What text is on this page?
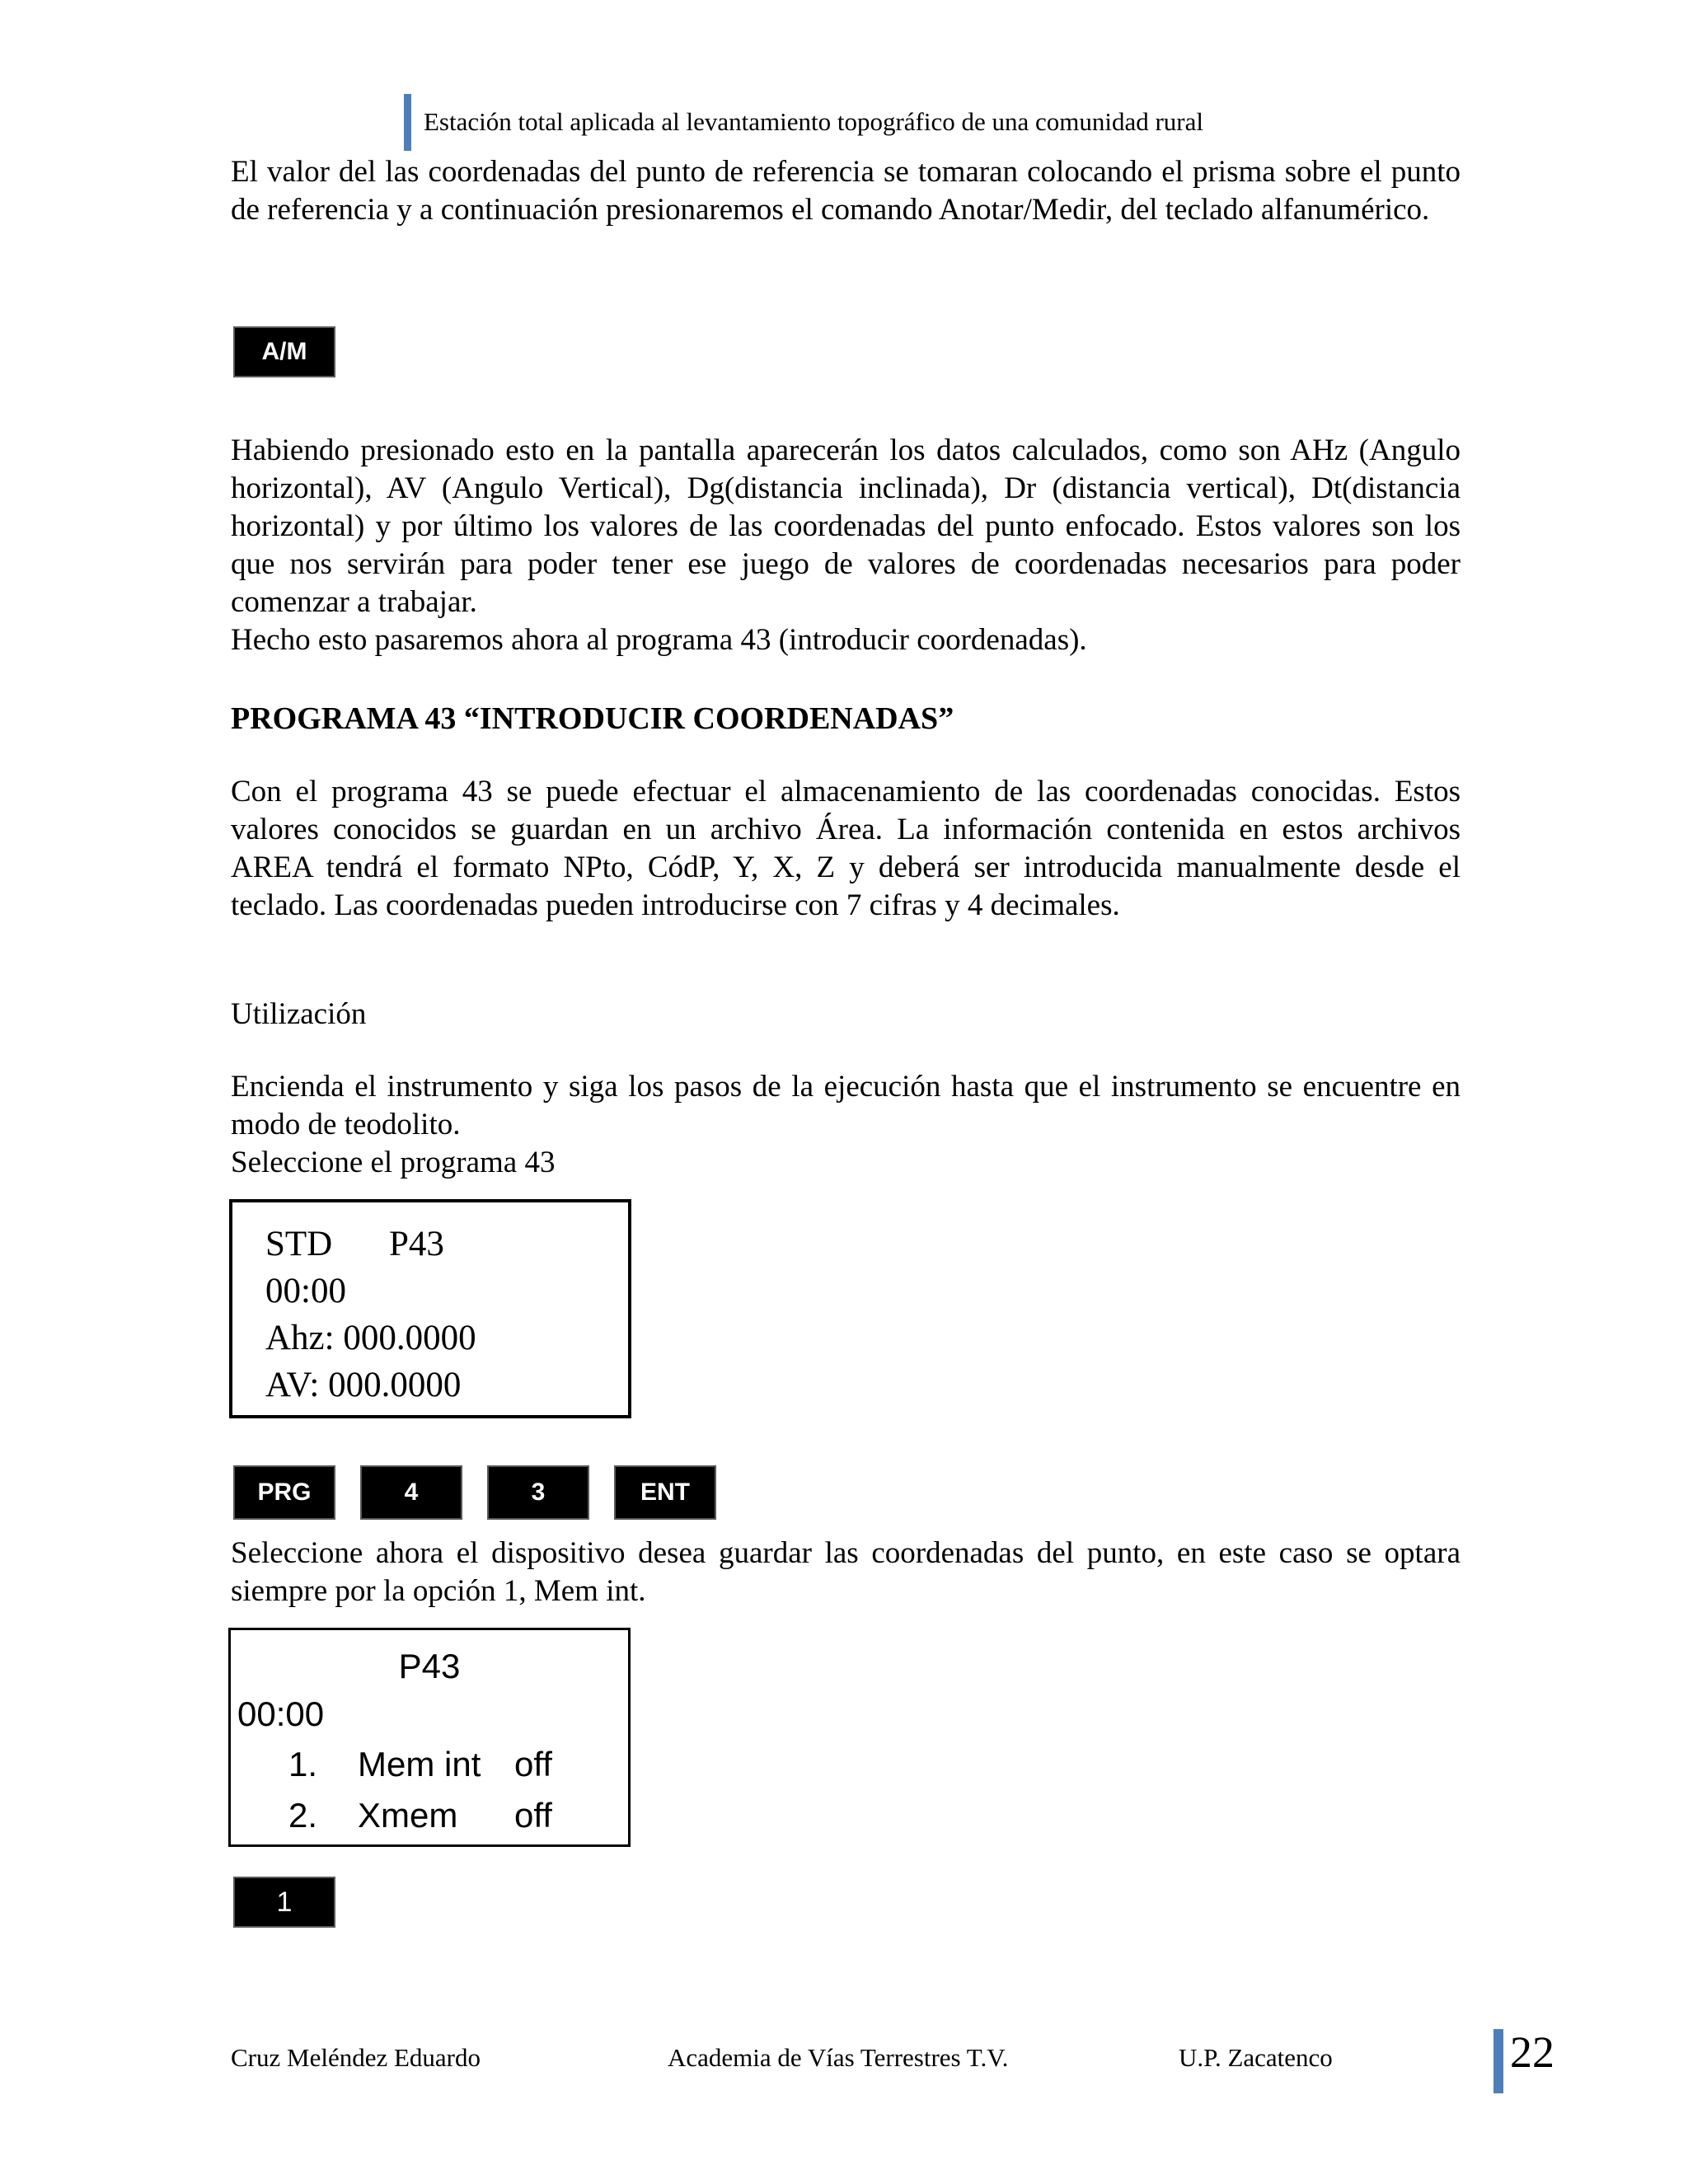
Estación total aplicada al levantamiento topográfico de una comunidad rural
El valor del las coordenadas del punto de referencia se tomaran colocando el prisma sobre el punto de referencia y a continuación presionaremos el comando Anotar/Medir, del teclado alfanumérico.
A/M
Habiendo presionado esto en la pantalla aparecerán los datos calculados, como son AHz (Angulo horizontal), AV (Angulo Vertical), Dg(distancia inclinada), Dr (distancia vertical), Dt(distancia horizontal) y por último los valores de las coordenadas del punto enfocado. Estos valores son los que nos servirán para poder tener ese juego de valores de coordenadas necesarios para poder comenzar a trabajar.
Hecho esto pasaremos ahora al programa 43 (introducir coordenadas).
PROGRAMA 43 “INTRODUCIR COORDENADAS”
Con el programa 43 se puede efectuar el almacenamiento de las coordenadas conocidas. Estos valores conocidos se guardan en un archivo Área. La información contenida en estos archivos AREA tendrá el formato NPto, CódP, Y, X, Z y deberá ser introducida manualmente desde el teclado. Las coordenadas pueden introducirse con 7 cifras y 4 decimales.
Utilización
Encienda el instrumento y siga los pasos de la ejecución hasta que el instrumento se encuentre en modo de teodolito.
Seleccione el programa 43
STD P4300:00
Ahz: 000.0000
AV: 000.0000
PRG	4	3	ENT
Seleccione ahora el dispositivo desea guardar las coordenadas del punto, en este caso se optara siempre por la opción 1, Mem int.
P43
00:00
1. Mem int off
2. Xmem off
1
Cruz Meléndez Eduardo	Academia de Vías Terrestres T.V.	U.P. Zacatenco	22
